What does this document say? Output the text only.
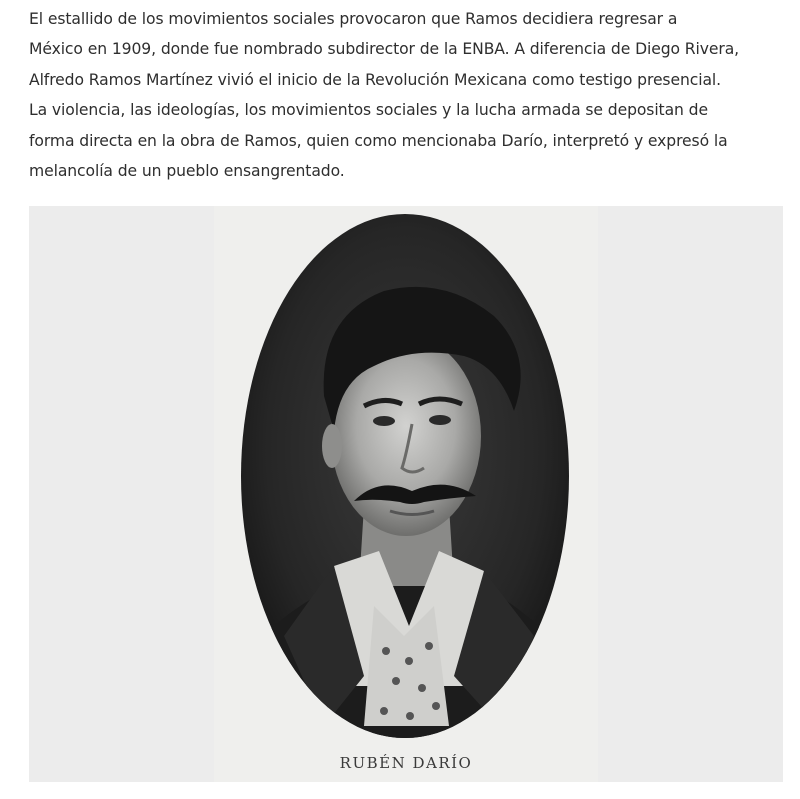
El estallido de los movimientos sociales provocaron que Ramos decidiera regresar a
México en 1909, donde fue nombrado subdirector de la ENBA. A diferencia de Diego Rivera,
Alfredo Ramos Martínez vivió el inicio de la Revolución Mexicana como testigo presencial.
La violencia, las ideologías, los movimientos sociales y la lucha armada se depositan de
forma directa en la obra de Ramos, quien como mencionaba Darío, interpretó y expresó la
melancolía de un pueblo ensangrentado.
RUBÉN DARÍO
